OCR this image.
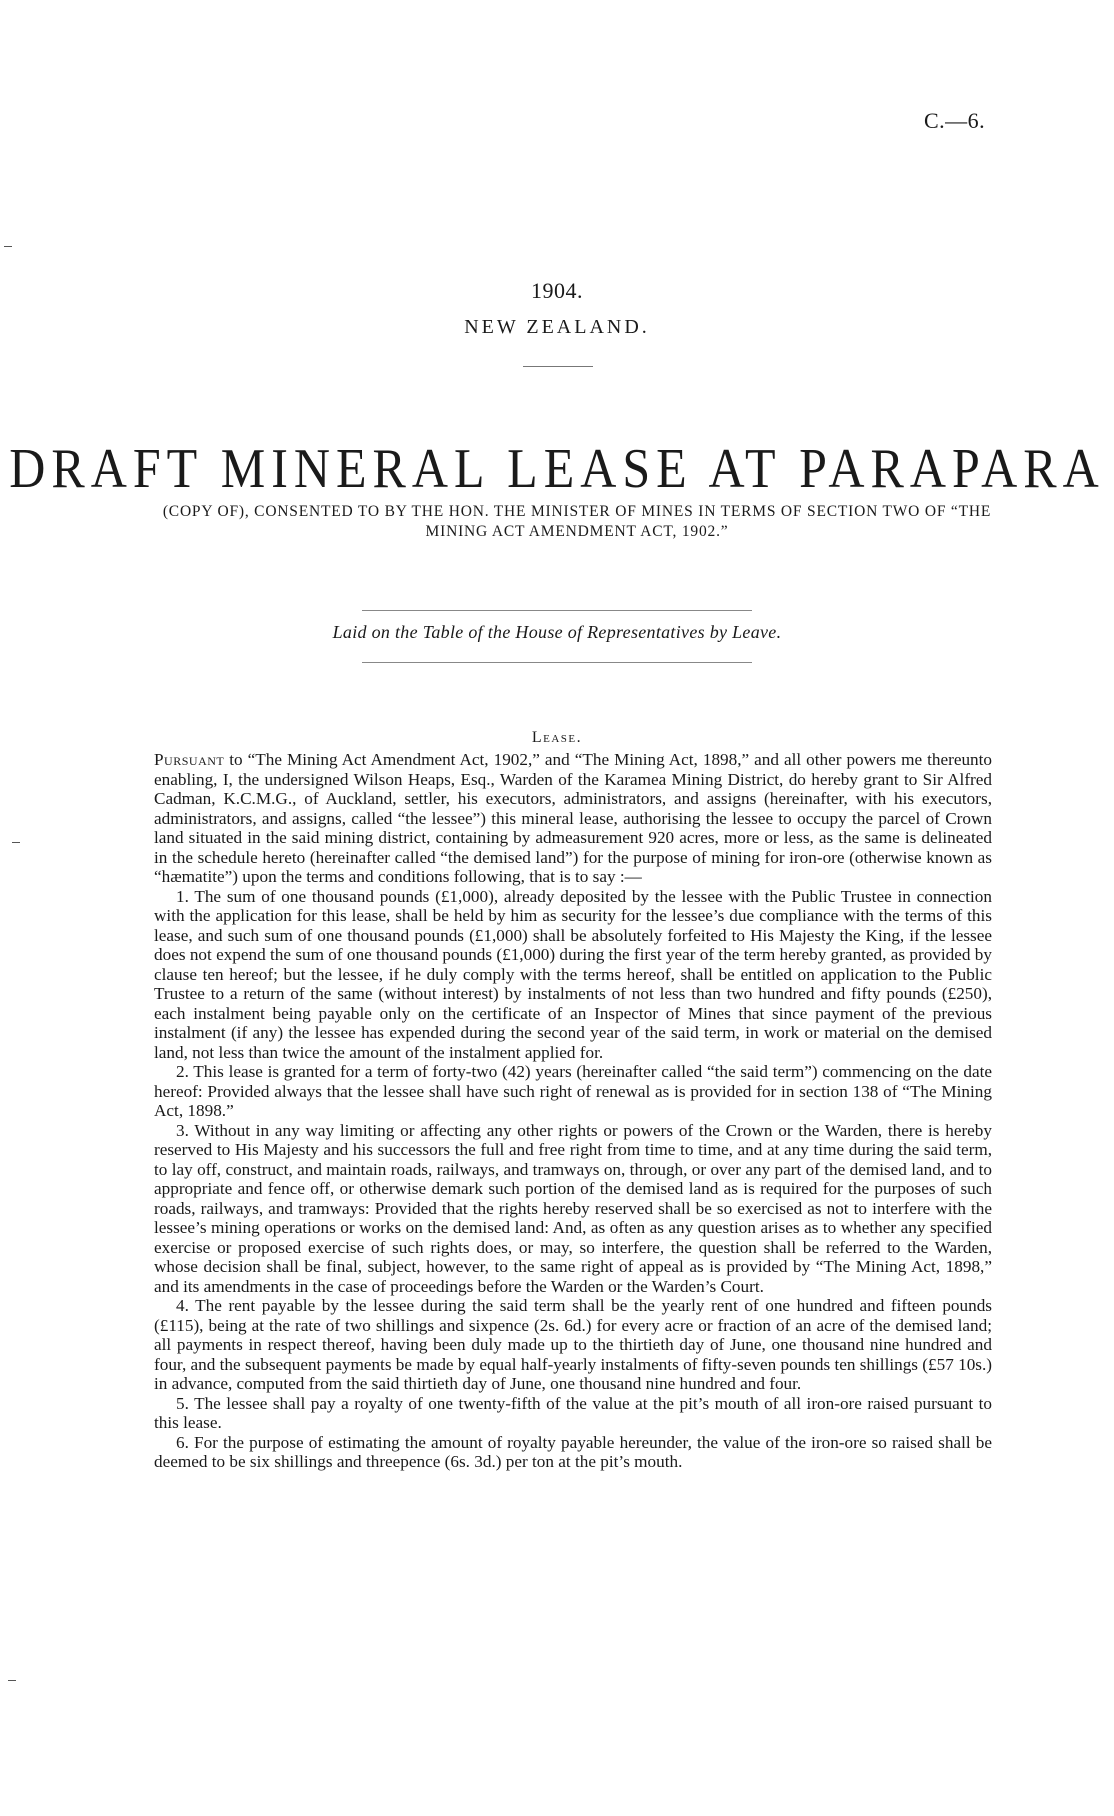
C.—6.
1904.
NEW ZEALAND.
DRAFT MINERAL LEASE AT PARAPARA
(COPY OF), CONSENTED TO BY THE HON. THE MINISTER OF MINES IN TERMS OF SECTION TWO OF “THE MINING ACT AMENDMENT ACT, 1902.”
Laid on the Table of the House of Representatives by Leave.
Lease.

Pursuant to “The Mining Act Amendment Act, 1902,” and “The Mining Act, 1898,” and all other powers me thereunto enabling, I, the undersigned Wilson Heaps, Esq., Warden of the Karamea Mining District, do hereby grant to Sir Alfred Cadman, K.C.M.G., of Auckland, settler, his executors, administrators, and assigns (hereinafter, with his executors, administrators, and assigns, called “the lessee”) this mineral lease, authorising the lessee to occupy the parcel of Crown land situated in the said mining district, containing by admeasurement 920 acres, more or less, as the same is delineated in the schedule hereto (hereinafter called “the demised land”) for the purpose of mining for iron-ore (otherwise known as “hæmatite”) upon the terms and conditions following, that is to say :—

1. The sum of one thousand pounds (£1,000), already deposited by the lessee with the Public Trustee in connection with the application for this lease, shall be held by him as security for the lessee’s due compliance with the terms of this lease, and such sum of one thousand pounds (£1,000) shall be absolutely forfeited to His Majesty the King, if the lessee does not expend the sum of one thousand pounds (£1,000) during the first year of the term hereby granted, as provided by clause ten hereof; but the lessee, if he duly comply with the terms hereof, shall be entitled on application to the Public Trustee to a return of the same (without interest) by instalments of not less than two hundred and fifty pounds (£250), each instalment being payable only on the certificate of an Inspector of Mines that since payment of the previous instalment (if any) the lessee has expended during the second year of the said term, in work or material on the demised land, not less than twice the amount of the instalment applied for.

2. This lease is granted for a term of forty-two (42) years (hereinafter called “the said term”) commencing on the date hereof: Provided always that the lessee shall have such right of renewal as is provided for in section 138 of “The Mining Act, 1898.”

3. Without in any way limiting or affecting any other rights or powers of the Crown or the Warden, there is hereby reserved to His Majesty and his successors the full and free right from time to time, and at any time during the said term, to lay off, construct, and maintain roads, railways, and tramways on, through, or over any part of the demised land, and to appropriate and fence off, or otherwise demark such portion of the demised land as is required for the purposes of such roads, railways, and tramways: Provided that the rights hereby reserved shall be so exercised as not to interfere with the lessee’s mining operations or works on the demised land: And, as often as any question arises as to whether any specified exercise or proposed exercise of such rights does, or may, so interfere, the question shall be referred to the Warden, whose decision shall be final, subject, however, to the same right of appeal as is provided by “The Mining Act, 1898,” and its amendments in the case of proceedings before the Warden or the Warden’s Court.

4. The rent payable by the lessee during the said term shall be the yearly rent of one hundred and fifteen pounds (£115), being at the rate of two shillings and sixpence (2s. 6d.) for every acre or fraction of an acre of the demised land; all payments in respect thereof, having been duly made up to the thirtieth day of June, one thousand nine hundred and four, and the subsequent payments be made by equal half-yearly instalments of fifty-seven pounds ten shillings (£57 10s.) in advance, computed from the said thirtieth day of June, one thousand nine hundred and four.

5. The lessee shall pay a royalty of one twenty-fifth of the value at the pit’s mouth of all iron-ore raised pursuant to this lease.

6. For the purpose of estimating the amount of royalty payable hereunder, the value of the iron-ore so raised shall be deemed to be six shillings and threepence (6s. 3d.) per ton at the pit’s mouth.
